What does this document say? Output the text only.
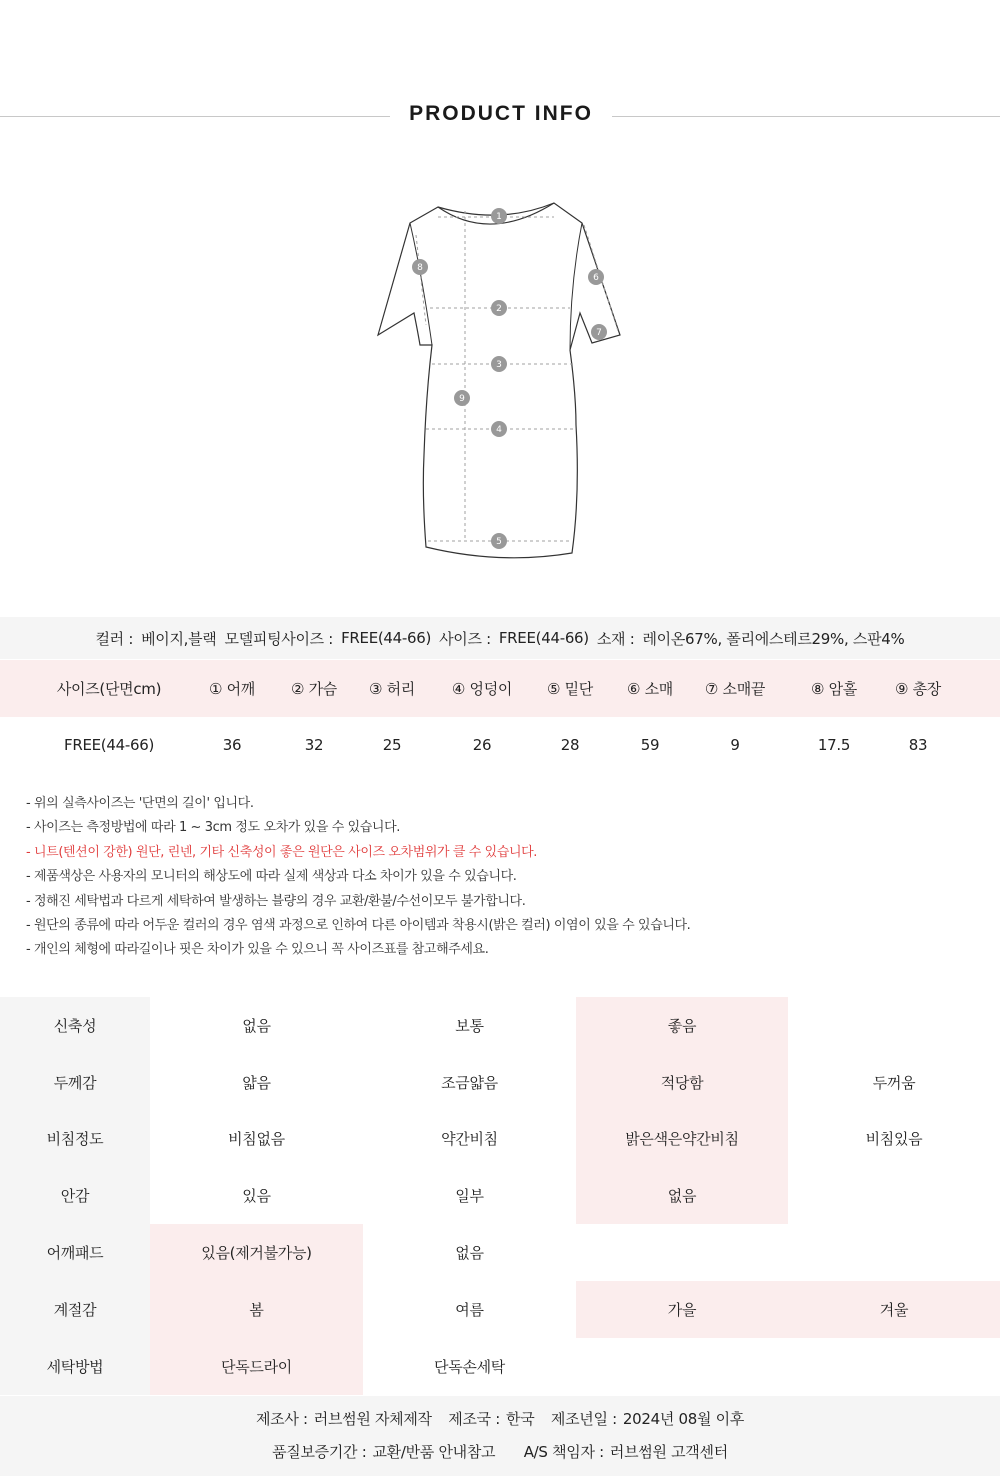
PRODUCT INFO
1
2
3
4
5
6
7
8
9
컬러 : 베이지,블랙 모델피팅사이즈 : FREE(44-66) 사이즈 : FREE(44-66) 소재 : 레이온67%, 폴리에스테르29%, 스판4%
사이즈(단면cm)	① 어깨	② 가슴	③ 허리	④ 엉덩이	⑤ 밑단	⑥ 소매	⑦ 소매끝	⑧ 암홀	⑨ 총장
FREE(44-66)	36	32	25	26	28	59	9	17.5	83
- 위의 실측사이즈는 '단면의 길이' 입니다.
- 사이즈는 측정방법에 따라 1 ~ 3cm 정도 오차가 있을 수 있습니다.
- 니트(텐션이 강한) 원단, 린넨, 기타 신축성이 좋은 원단은 사이즈 오차범위가 클 수 있습니다.
- 제품색상은 사용자의 모니터의 해상도에 따라 실제 색상과 다소 차이가 있을 수 있습니다.
- 정해진 세탁법과 다르게 세탁하여 발생하는 블량의 경우 교환/환불/수선이모두 불가합니다.
- 원단의 종류에 따라 어두운 컬러의 경우 염색 과정으로 인하여 다른 아이템과 착용시(밝은 컬러) 이염이 있을 수 있습니다.
- 개인의 체형에 따라길이나 핏은 차이가 있을 수 있으니 꼭 사이즈표를 참고해주세요.
신축성	없음	보통	좋음
두께감	얇음	조금얇음	적당함	두꺼움
비침정도	비침없음	약간비침	밝은색은약간비침	비침있음
안감	있음	일부	없음
어깨패드	있음(제거불가능)	없음
계절감	봄	여름	가을	겨울
세탁방법	단독드라이	단독손세탁
제조사 : 러브썸원 자체제작 제조국 : 한국 제조년일 : 2024년 08월 이후
품질보증기간 : 교환/반품 안내참고 A/S 책임자 : 러브썸원 고객센터
